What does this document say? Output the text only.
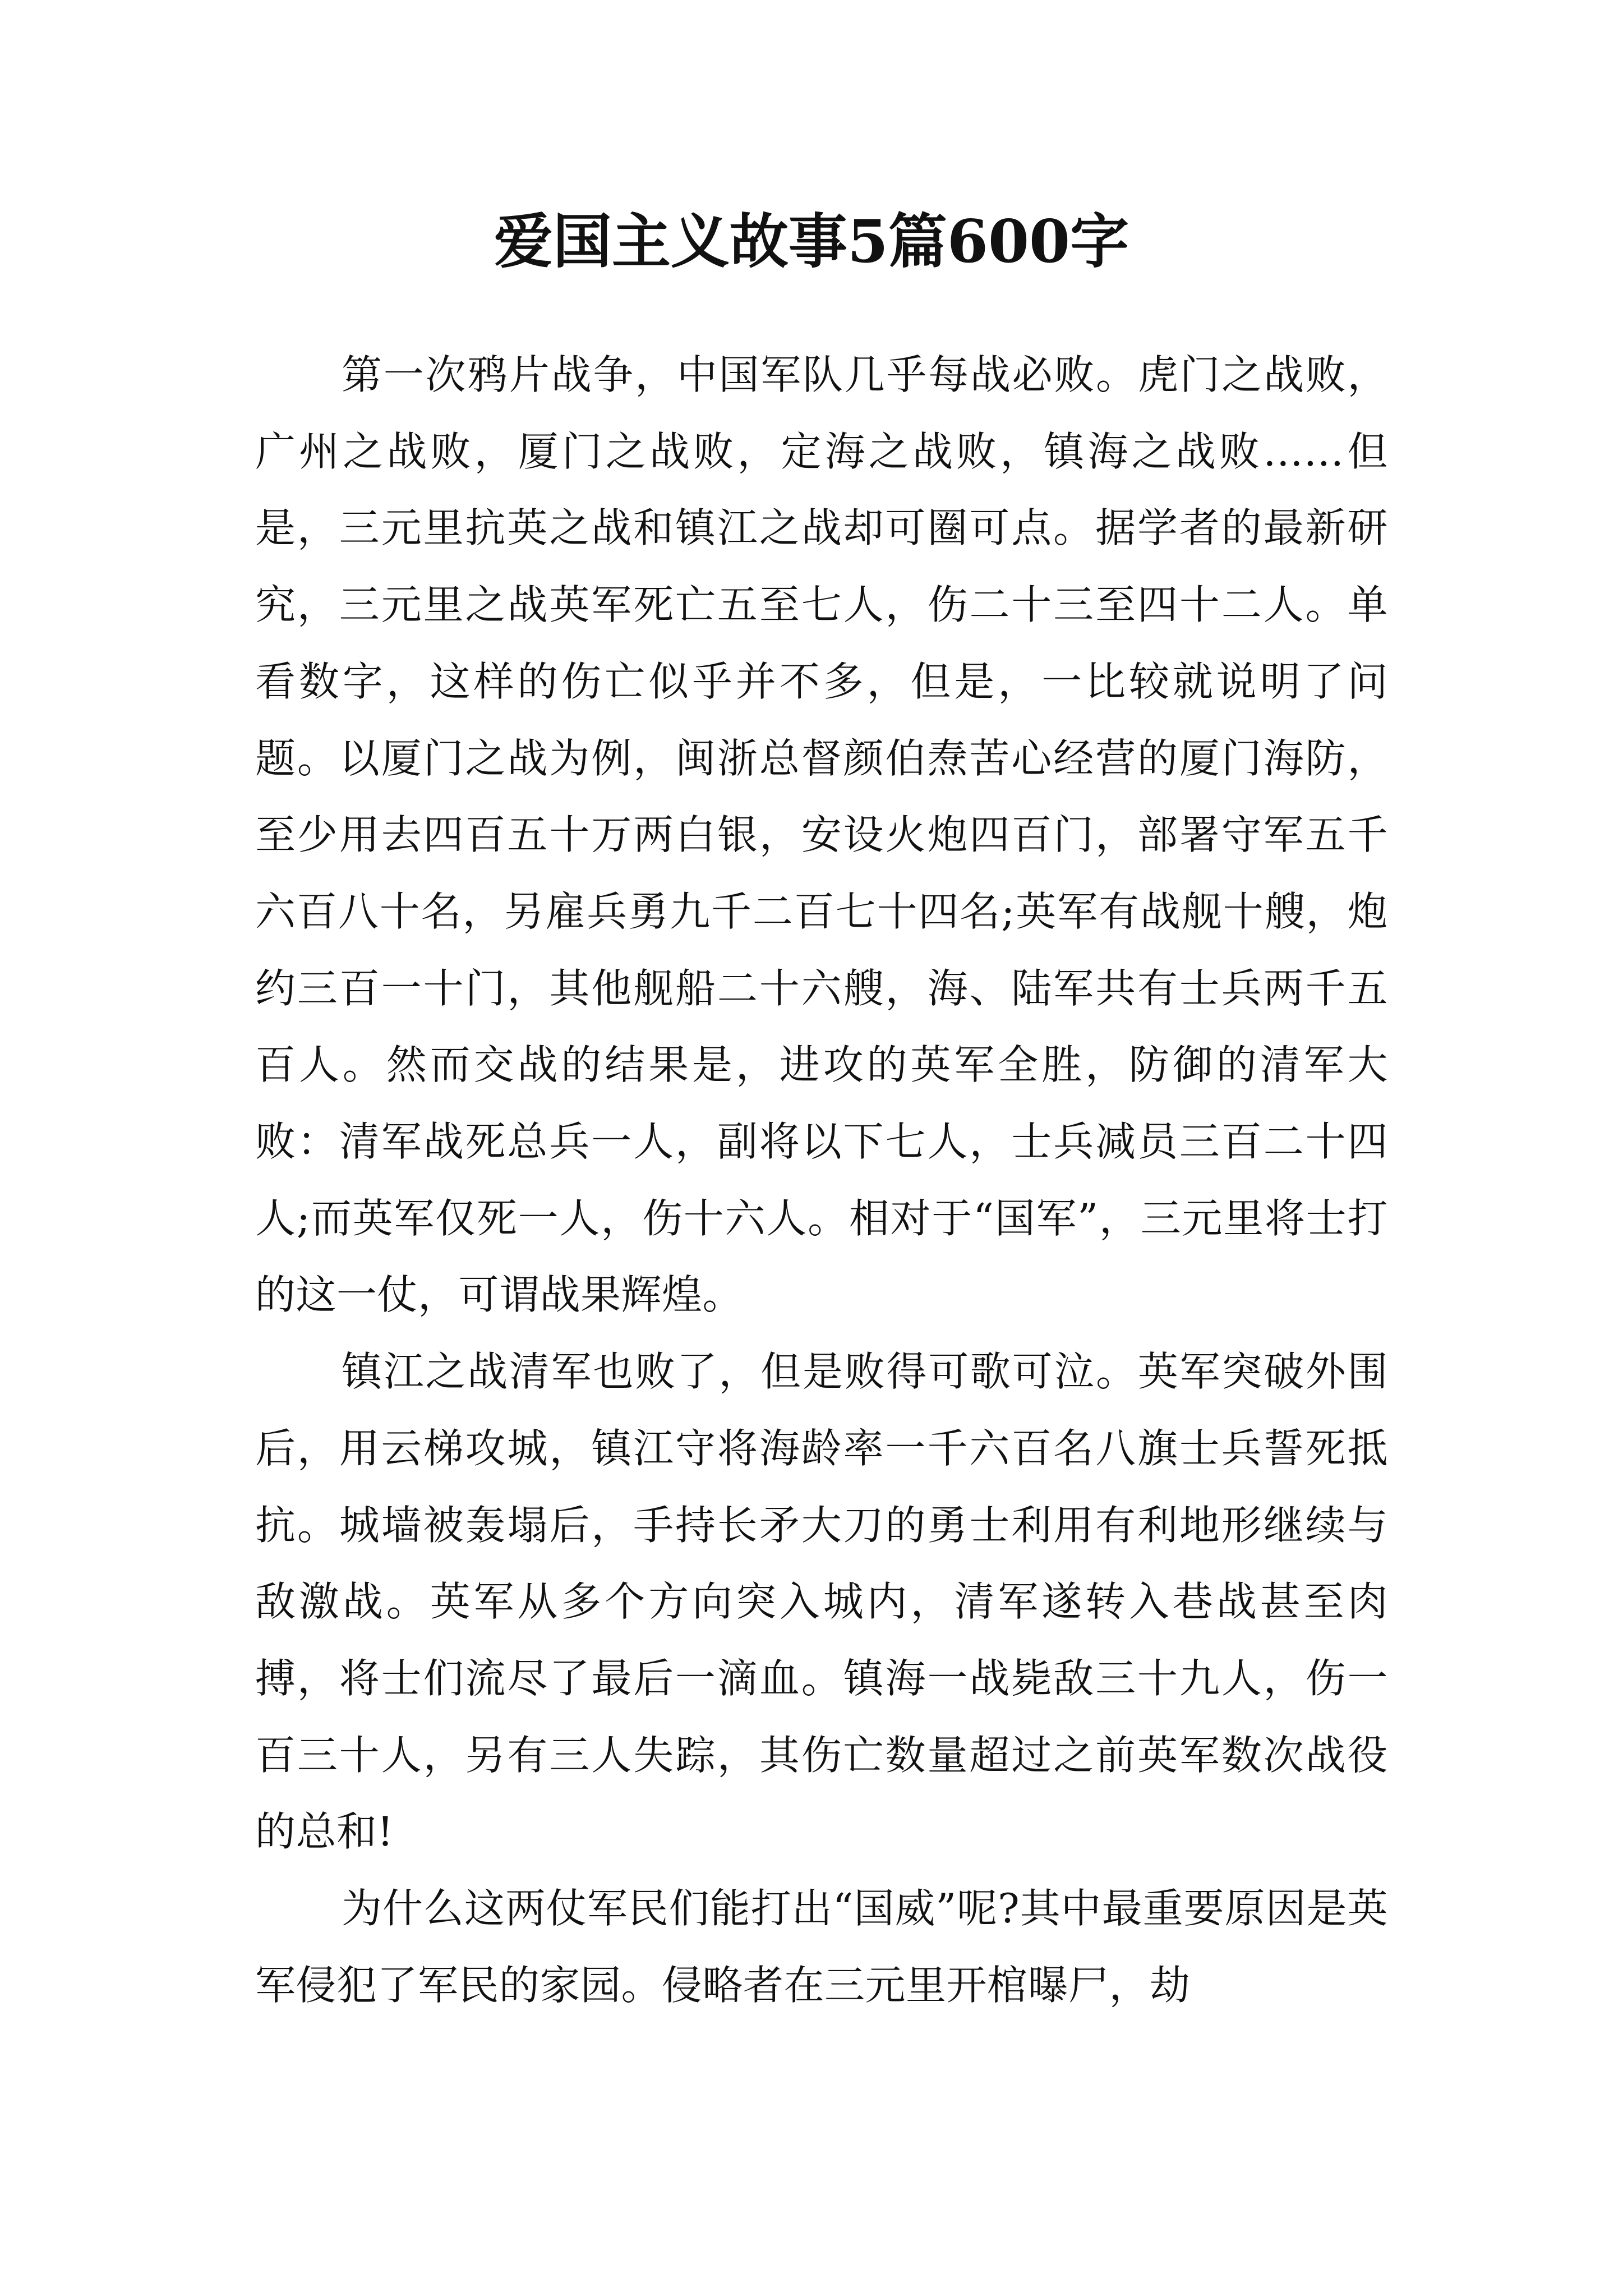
爱国主义故事5篇600字

第一次鸦片战争，中国军队几乎每战必败。虎门之战败，广州之战败，厦门之战败，定海之战败，镇海之战败……但是，三元里抗英之战和镇江之战却可圈可点。据学者的最新研究，三元里之战英军死亡五至七人，伤二十三至四十二人。单看数字，这样的伤亡似乎并不多，但是，一比较就说明了问题。以厦门之战为例，闽浙总督颜伯焘苦心经营的厦门海防，至少用去四百五十万两白银，安设火炮四百门，部署守军五千六百八十名，另雇兵勇九千二百七十四名;英军有战舰十艘，炮约三百一十门，其他舰船二十六艘，海、陆军共有士兵两千五百人。然而交战的结果是，进攻的英军全胜，防御的清军大败：清军战死总兵一人，副将以下七人，士兵减员三百二十四人;而英军仅死一人，伤十六人。相对于“国军”，三元里将士打的这一仗，可谓战果辉煌。

镇江之战清军也败了，但是败得可歌可泣。英军突破外围后，用云梯攻城，镇江守将海龄率一千六百名八旗士兵誓死抵抗。城墙被轰塌后，手持长矛大刀的勇士利用有利地形继续与敌激战。英军从多个方向突入城内，清军遂转入巷战甚至肉搏，将士们流尽了最后一滴血。镇海一战毙敌三十九人，伤一百三十人，另有三人失踪，其伤亡数量超过之前英军数次战役的总和!

为什么这两仗军民们能打出“国威”呢?其中最重要原因是英军侵犯了军民的家园。侵略者在三元里开棺曝尸，劫
